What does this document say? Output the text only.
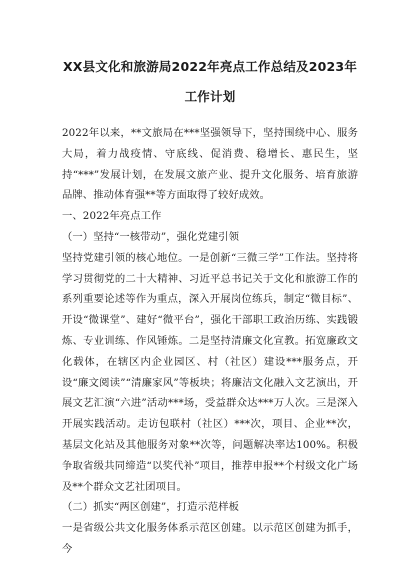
XX县文化和旅游局2022年亮点工作总结及2023年
工作计划

2022年以来，**文旅局在***坚强领导下，坚持围绕中心、服务大局，着力战疫情、守底线、促消费、稳增长、惠民生，坚持“***”发展计划，在发展文旅产业、提升文化服务、培育旅游品牌、推动体育强**等方面取得了较好成效。

一、2022年亮点工作

（一）坚持“一核带动”，强化党建引领

坚持党建引领的核心地位。一是创新“三微三学”工作法。坚持将学习贯彻党的二十大精神、习近平总书记关于文化和旅游工作的系列重要论述等作为重点，深入开展岗位练兵，制定“微目标”、开设“微课堂”、建好“微平台”，强化干部职工政治历练、实践锻炼、专业训练、作风锤炼。二是坚持清廉文化宣教。拓宽廉政文化载体，在辖区内企业园区、村（社区）建设***服务点，开设“廉文阅读”“清廉家风”等板块；将廉洁文化融入文艺演出，开展文艺汇演“六进”活动***场，受益群众达***万人次。三是深入开展实践活动。走访包联村（社区）***次，项目、企业**次，基层文化站及其他服务对象**次等，问题解决率达100%。积极争取省级共同缔造“以奖代补”项目，推荐申报**个村级文化广场及**个群众文艺社团项目。

（二）抓实“两区创建”，打造示范样板

一是省级公共文化服务体系示范区创建。以示范区创建为抓手，今
